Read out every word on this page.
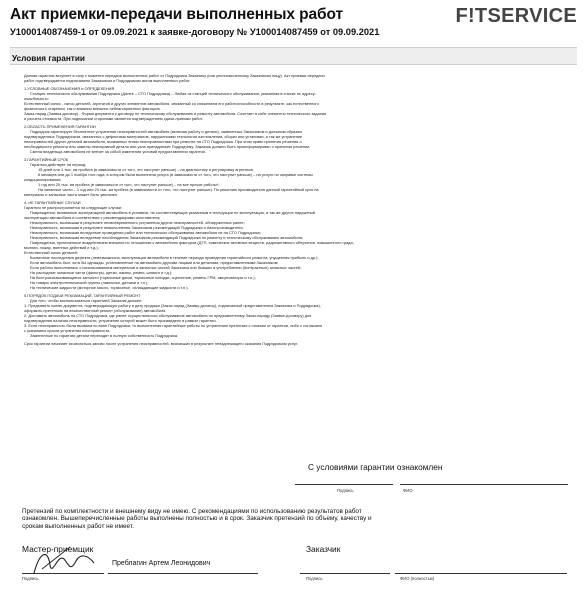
Акт приемки-передачи выполненных работ
У100014087459-1 от 09.09.2021 к заявке-договору № У100014087459 от 09.09.2021
F!TSERVICE
Условия гарантии

Данная гарантия вступает в силу с момента передачи выполненных работ от Подрядчика Заказчику (или уполномоченному Заказчиком лицу). Акт приемки-передачи

работ подтверждается подписанием Заказчиком и Подрядчиком актом выполненных работ.

1.УСЛОВНЫЕ ОБОЗНАЧЕНИЯ и ОПРЕДЕЛЕНИЯ

Станция технического обслуживания Подрядчика (Далее – СТО Подрядчика) – Любая из станций технического обслуживания, указанная в списке по адресу:

www.fitauto.ru

Естественный износ - износ деталей, агрегатов и других элементов автомобиля, связанный со снижением его работоспособности в результате, как естественного

физического старения, так и влияния внешних неблагоприятных факторов.

Заказ-наряд (Заявка-договор) - Форма документа к договору по техническому обслуживанию и ремонту автомобиля. Сочетает в себе элементы технического задания

и расчета стоимости. При подписании сторонами является подтверждением сдачи-приемки работ.

2.ОБЛАСТЬ ПРИМЕНЕНИЯ ГАРАНТИИ

Подрядчик гарантирует бесплатное устранение неисправностей автомобиля (включая работу и детали), заявленных Заказчиком и должным образом

подтвержденных Подрядчиком, связанных с дефектами материалов, нарушениями технологии изготовления, сборки или установки, а так же устранение

неисправностей других деталей автомобиля, вызванных этими неисправностями при ремонте на СТО Подрядчика. При этом право принятия решения о

необходимости ремонта или замены неисправной детали или узла принадлежит Подрядчику. Заказчик должен быть проинформирован о принятом решении.

Смена владельца автомобиля не влечет за собой изменения условий предоставления гарантии.

3.ГАРАНТИЙНЫЙ СРОК

Гарантия действует на период:

15 дней или 1 тыс. км пробега (в зависимости от того, что наступит раньше) – на диагностику и регулировку агрегатов;

6 месяцев или до 1 ноября того года, в котором была выполнена услуга (в зависимости от того, что наступит раньше) – на услуги по заправке системы

кондиционирования;

1 год или 20 тыс. км пробега (в зависимости от того, что наступит раньше) – на все прочие работы*;

На запасные части – 1 год или 20 тыс. км пробега (в зависимости от того, что наступит раньше). По решению производителя данный гарантийный срок на

материалы и запасные части может быть увеличен.

4. НЕ ГАРАНТИЙНЫЕ СЛУЧАИ

Гарантия не распространяется на следующие случаи:

Повреждения, вызванные эксплуатацией автомобиля в условиях, не соответствующих указанным в инструкции по эксплуатации, а так же других нарушений

эксплуатации автомобиля в соответствии с рекомендациями изготовителя;

Неисправность, возникшая в результате несвоевременного устранения других неисправностей, обнаруженных ранее;

Неисправность, возникшая в результате невыполнения Заказчиком рекомендаций Подрядчика и Автопроизводителя;

Неисправность, возникшая вследствие проведения работ или технического обслуживания автомобиля не на СТО Подрядчика;

Неисправность, возникшая вследствие несоблюдения Заказчиком рекомендаций Подрядчика по ремонту и техническому обслуживанию автомобиля;

Повреждения, причиненные воздействием внешних по отношению к автомобилю факторов (ДТП, химических активных веществ, радиоактивного облучения, повышенного града,

молнии, пожар, военных действий и т.д.);

Естественный износ деталей;

Косвенные последствия дефекта (невозможность эксплуатации автомобиля в течение периода проведения гарантийного ремонта, упущенная прибыль и др.);

Если автомобиль был, хотя бы однажды, установленные на автомобиль другими лицами или деталями, предоставленными Заказчиком;

Если работы выполнялись с использованием материалов и запасных частей Заказчика или бывших в употреблении (Контрактные) запасных частей;

На расходные запасные части (фильтры, щетки, лампы, ремни, шланги и т.д.);

На быстроизнашивающиеся запчасти (тормозные диски, тормозные колодки, сцепление, ремень ГРМ, амортизаторы и т.п.);

На товары электротехнической группы (лампочки, датчики и т.п.);

На технические жидкости (моторное масло, тормозные, охлаждающие жидкости и т.п.).

5.ПОРЯДОК ПОДАЧИ РЕКЛАМАЦИЙ, ГАРАНТИЙНЫЙ РЕМОНТ

Для того, чтобы воспользоваться гарантией Заказчик должен:

1. Предъявить копию документа, подтверждающую работу и дату продажи (Заказ-наряд (Заявку-договор), подписанный представителем Заказчика и Подрядчика),

оформить претензию на некачественный ремонт (обслуживание) автомобиля.

2. Доставить автомобиль на СТО Подрядчика, где ранее осуществлялось обслуживание автомобиля по предъявленному Заказ-наряду (Заявке-договору) для

подтверждения наличия неисправности, устранение которой может быть произведено в рамках гарантии.

3. Если неисправность была вызвана по вине Подрядчика, то выполненная гарантийные работы по устранению претензии с отказом от гарантии, либо с согласием

с указанием сроков устранения неисправности.

Замененные по гарантии детали переходят в полную собственность Подрядчика.

Срок гарантии начинает исчисляться заново после устранения неисправностей, возникших в результате ненадлежащего оказания Подрядчиком услуг.

С условиями гарантии ознакомлен
Подпись	ФИО

Претензий по комплектности и внешнему виду не имею. С рекомендациями по использованию результатов работ

ознакомлен. Вышеперечисленные работы выполнены полностью и в срок. Заказчик претензий по объему, качеству и

срокам выполненных работ не имеет.

Мастер-приемщик
Преблагин Артем Леонидович
Подпись
Заказчик
Подпись	ФИО (полностью)
